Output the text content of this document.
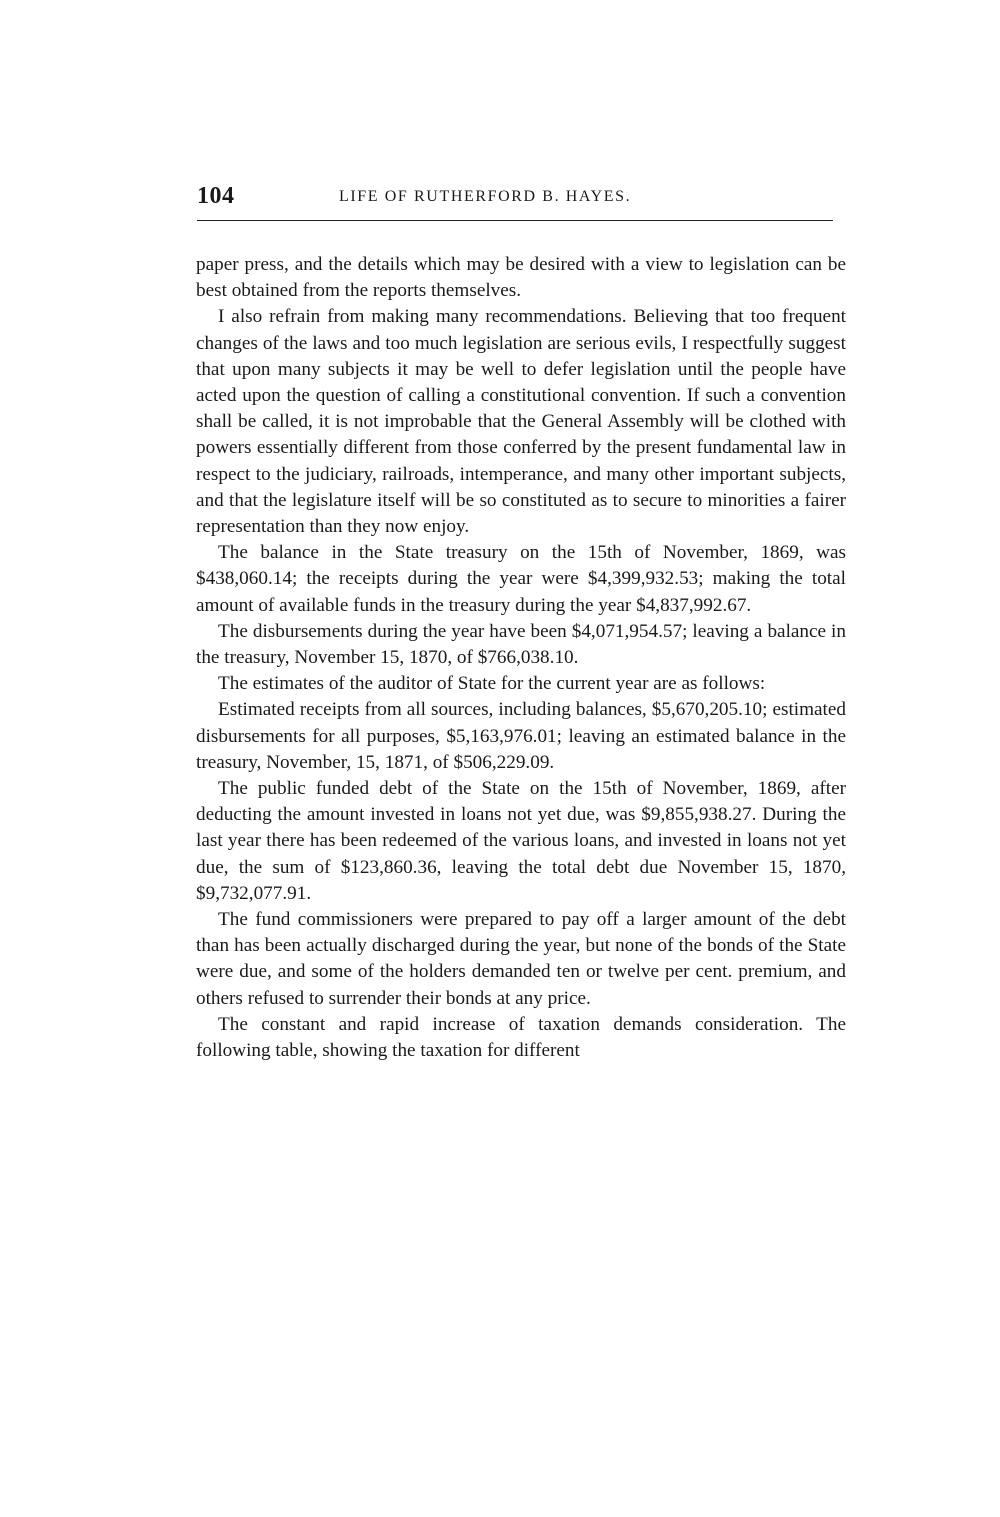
104	LIFE OF RUTHERFORD B. HAYES.

paper press, and the details which may be desired with a view to legislation can be best obtained from the reports themselves.

I also refrain from making many recommendations. Believing that too frequent changes of the laws and too much legislation are serious evils, I respectfully suggest that upon many subjects it may be well to defer legislation until the people have acted upon the question of calling a constitutional convention. If such a convention shall be called, it is not improbable that the General Assembly will be clothed with powers essentially different from those conferred by the present fundamental law in respect to the judiciary, railroads, intemperance, and many other important subjects, and that the legislature itself will be so constituted as to secure to minorities a fairer representation than they now enjoy.

The balance in the State treasury on the 15th of November, 1869, was $438,060.14; the receipts during the year were $4,399,932.53; making the total amount of available funds in the treasury during the year $4,837,992.67.

The disbursements during the year have been $4,071,954.57; leaving a balance in the treasury, November 15, 1870, of $766,038.10.

The estimates of the auditor of State for the current year are as follows:

Estimated receipts from all sources, including balances, $5,670,205.10; estimated disbursements for all purposes, $5,163,976.01; leaving an estimated balance in the treasury, November, 15, 1871, of $506,229.09.

The public funded debt of the State on the 15th of November, 1869, after deducting the amount invested in loans not yet due, was $9,855,938.27. During the last year there has been redeemed of the various loans, and invested in loans not yet due, the sum of $123,860.36, leaving the total debt due November 15, 1870, $9,732,077.91.

The fund commissioners were prepared to pay off a larger amount of the debt than has been actually discharged during the year, but none of the bonds of the State were due, and some of the holders demanded ten or twelve per cent. premium, and others refused to surrender their bonds at any price.

The constant and rapid increase of taxation demands consideration. The following table, showing the taxation for different
